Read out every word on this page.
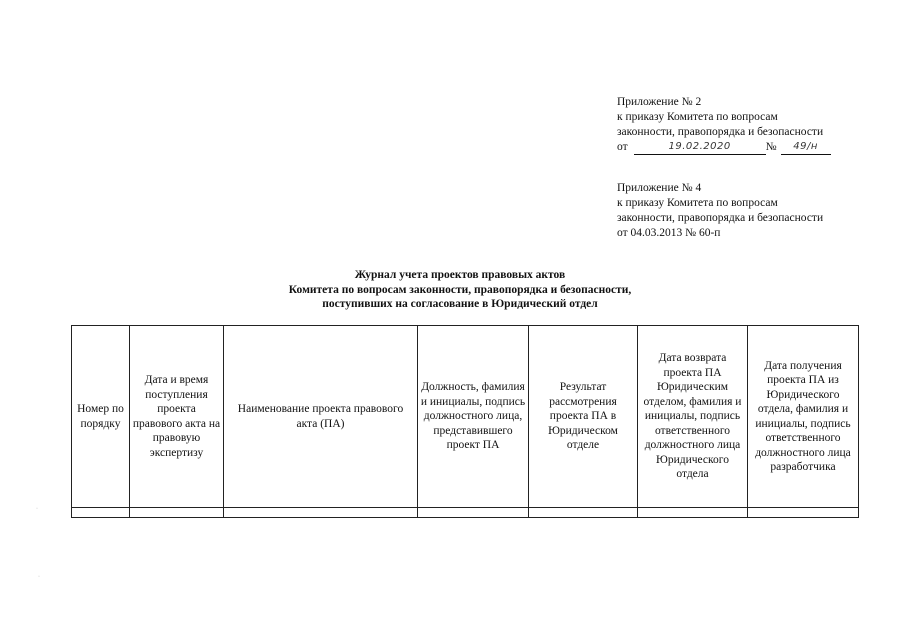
Приложение № 2
к приказу Комитета по вопросам
законности, правопорядка и безопасности
от	19.02.2020	№ 49/н
Приложение № 4
к приказу Комитета по вопросам
законности, правопорядка и безопасности
от 04.03.2013 № 60-п
Журнал учета проектов правовых актов
Комитета по вопросам законности, правопорядка и безопасности,
поступивших на согласование в Юридический отдел
Номер по порядку	Дата и время поступления проекта правового акта на правовую экспертизу	Наименование проекта правового акта (ПА)	Должность, фамилия и инициалы, подпись должностного лица, представившего проект ПА	Результат рассмотрения проекта ПА в Юридическом отделе	Дата возврата проекта ПА Юридическим отделом, фамилия и инициалы, подпись ответственного должностного лица Юридического отдела	Дата получения проекта ПА из Юридического отдела, фамилия и инициалы, подпись ответственного должностного лица разработчика

·
·
